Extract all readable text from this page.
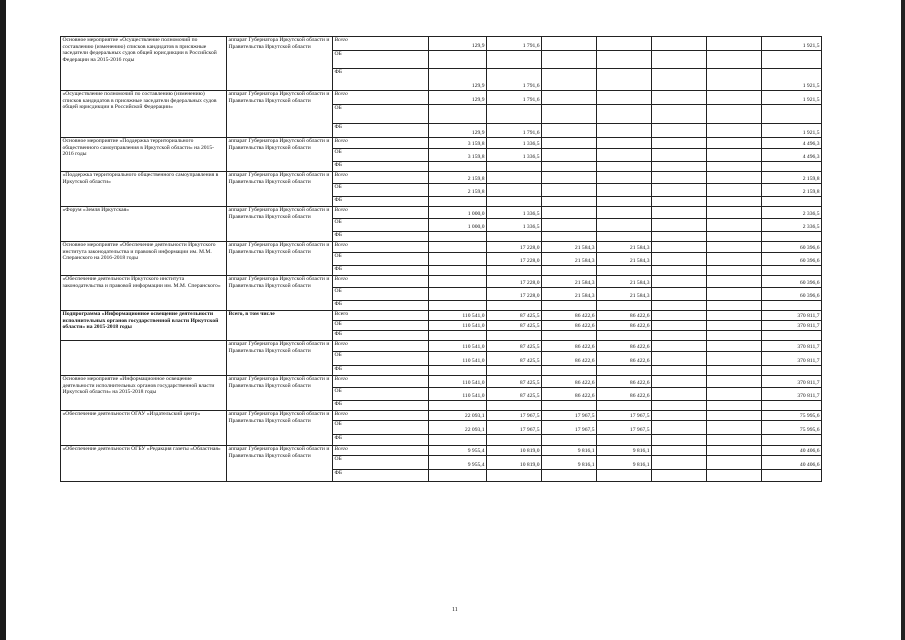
Основное мероприятие «Осуществление полномочий по составлению (изменению) списков кандидатов в присяжные заседатели федеральных судов общей юрисдикции в Российской Федерации на 2015-2016 годы	аппарат Губернатора Иркутской области и Правительства Иркутской области	Всего	129,9	1 791,6					1 921,5
		ОБ							
		ФБ	129,9	1 791,6					1 921,5
«Осуществление полномочий по составлению (изменению) списков кандидатов в присяжные заседатели федеральных судов общей юрисдикции в Российской Федерации»	аппарат Губернатора Иркутской области и Правительства Иркутской области	Всего	129,9	1 791,6					1 921,5
		ОБ							
		ФБ	129,9	1 791,6					1 921,5
Основное мероприятие «Поддержка территориального общественного самоуправления в Иркутской области» на 2015-2016 годы	аппарат Губернатора Иркутской области и Правительства Иркутской области	Всего	3 159,8	1 336,5					4 496,3
		ОБ	3 159,8	1 336,5					4 496,3
		ФБ							
«Поддержка территориального общественного самоуправления в Иркутской области»	аппарат Губернатора Иркутской области и Правительства Иркутской области	Всего	2 159,8						2 159,8
		ОБ	2 159,8						2 159,8
		ФБ							
«Форум «Земля Иркутская»	аппарат Губернатора Иркутской области и Правительства Иркутской области	Всего	1 000,0	1 336,5					2 336,5
		ОБ	1 000,0	1 336,5					2 336,5
		ФБ							
Основное мероприятие «Обеспечение деятельности Иркутского института законодательства и правовой информации им. М.М. Сперанского на 2016-2018 годы	аппарат Губернатора Иркутской области и Правительства Иркутской области	Всего		17 228,0	21 584,3	21 584,3			60 396,6
		ОБ		17 228,0	21 584,3	21 584,3			60 396,6
		ФБ							
«Обеспечение деятельности Иркутского института законодательства и правовой информации им. М.М. Сперанского»	аппарат Губернатора Иркутской области и Правительства Иркутской области	Всего		17 228,0	21 584,3	21 584,3			60 396,6
		ОБ		17 228,0	21 584,3	21 584,3			60 396,6
		ФБ							
Подпрограмма «Информационное освещение деятельности исполнительных органов государственной власти Иркутской области» на 2015-2018 годы	Всего, в том числе	Всего	110 541,0	87 425,5	86 422,6	86 422,6			370 811,7
		ОБ	110 541,0	87 425,5	86 422,6	86 422,6			370 811,7
		ФБ							
	аппарат Губернатора Иркутской области и Правительства Иркутской области	Всего	110 541,0	87 425,5	86 422,6	86 422,6			370 811,7
		ОБ	110 541,0	87 425,5	86 422,6	86 422,6			370 811,7
		ФБ							
Основное мероприятие «Информационное освещение деятельности исполнительных органов государственной власти Иркутской области» на 2015-2018 годы	аппарат Губернатора Иркутской области и Правительства Иркутской области	Всего	110 541,0	87 425,5	86 422,6	86 422,6			370 811,7
		ОБ	110 541,0	87 425,5	86 422,6	86 422,6			370 811,7
		ФБ							
«Обеспечение деятельности ОГАУ «Издательский центр»	аппарат Губернатора Иркутской области и Правительства Иркутской области	Всего	22 093,1	17 967,5	17 967,5	17 967,5			75 995,6
		ОБ	22 093,1	17 967,5	17 967,5	17 967,5			75 995,6
		ФБ							
«Обеспечение деятельности ОГБУ «Редакция газеты «Областная»	аппарат Губернатора Иркутской области и Правительства Иркутской области	Всего	9 955,4	10 819,0	9 816,1	9 816,1			40 406,6
		ОБ	9 955,4	10 819,0	9 816,1	9 816,1			40 406,6
		ФБ							
11
